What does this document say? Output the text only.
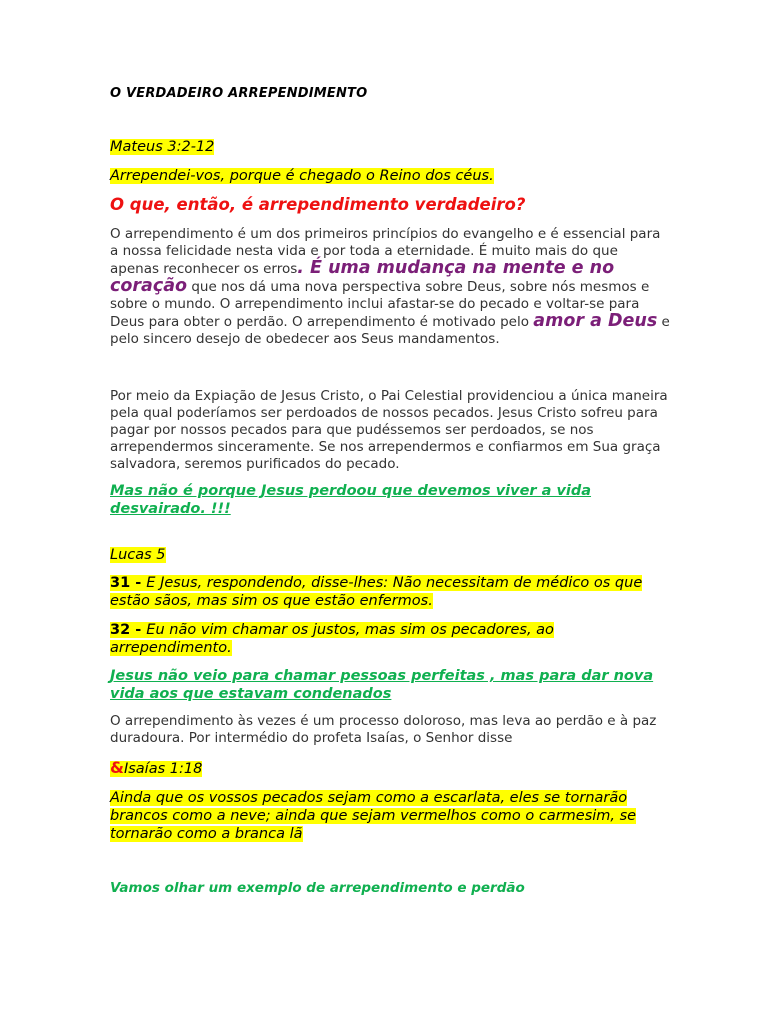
O VERDADEIRO ARREPENDIMENTO
Mateus 3:2-12
Arrependei-vos, porque é chegado o Reino dos céus.
O que, então, é arrependimento verdadeiro?
O arrependimento é um dos primeiros princípios do evangelho e é essencial para a nossa felicidade nesta vida e por toda a eternidade. É muito mais do que apenas reconhecer os erros. É uma mudança na mente e no coração que nos dá uma nova perspectiva sobre Deus, sobre nós mesmos e sobre o mundo. O arrependimento inclui afastar-se do pecado e voltar-se para Deus para obter o perdão. O arrependimento é motivado pelo amor a Deus e pelo sincero desejo de obedecer aos Seus mandamentos.
Por meio da Expiação de Jesus Cristo, o Pai Celestial providenciou a única maneira pela qual poderíamos ser perdoados de nossos pecados. Jesus Cristo sofreu para pagar por nossos pecados para que pudéssemos ser perdoados, se nos arrependermos sinceramente. Se nos arrependermos e confiarmos em Sua graça salvadora, seremos purificados do pecado.
Mas não é porque Jesus perdoou que devemos viver a vida desvairado. !!!
Lucas 5
31 - E Jesus, respondendo, disse-lhes: Não necessitam de médico os que estão sãos, mas sim os que estão enfermos.
32 - Eu não vim chamar os justos, mas sim os pecadores, ao arrependimento.
Jesus não veio para chamar pessoas perfeitas , mas para dar nova vida aos que estavam condenados
O arrependimento às vezes é um processo doloroso, mas leva ao perdão e à paz duradoura. Por intermédio do profeta Isaías, o Senhor disse
&Isaías 1:18
Ainda que os vossos pecados sejam como a escarlata, eles se tornarão brancos como a neve; ainda que sejam vermelhos como o carmesim, se tornarão como a branca lã
Vamos olhar um exemplo de arrependimento e perdão
